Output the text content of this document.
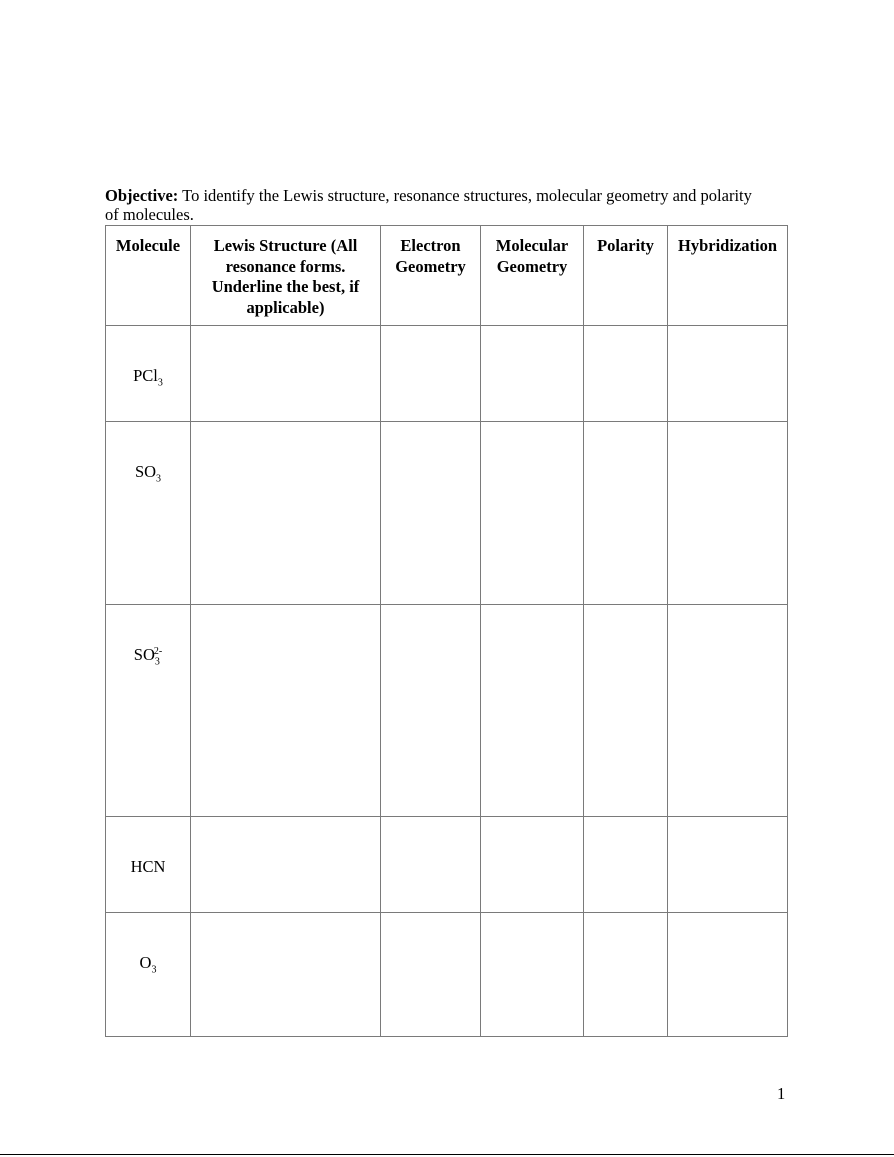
Objective: To identify the Lewis structure, resonance structures, molecular geometry and polarity of molecules.
Molecule	Lewis Structure (All resonance forms. Underline the best, if applicable)	Electron Geometry	Molecular Geometry	Polarity	Hybridization
PCl$_3$					
$SO_3$					
$SO_3^{2-}$					
HCN					
$O_3$					
1
